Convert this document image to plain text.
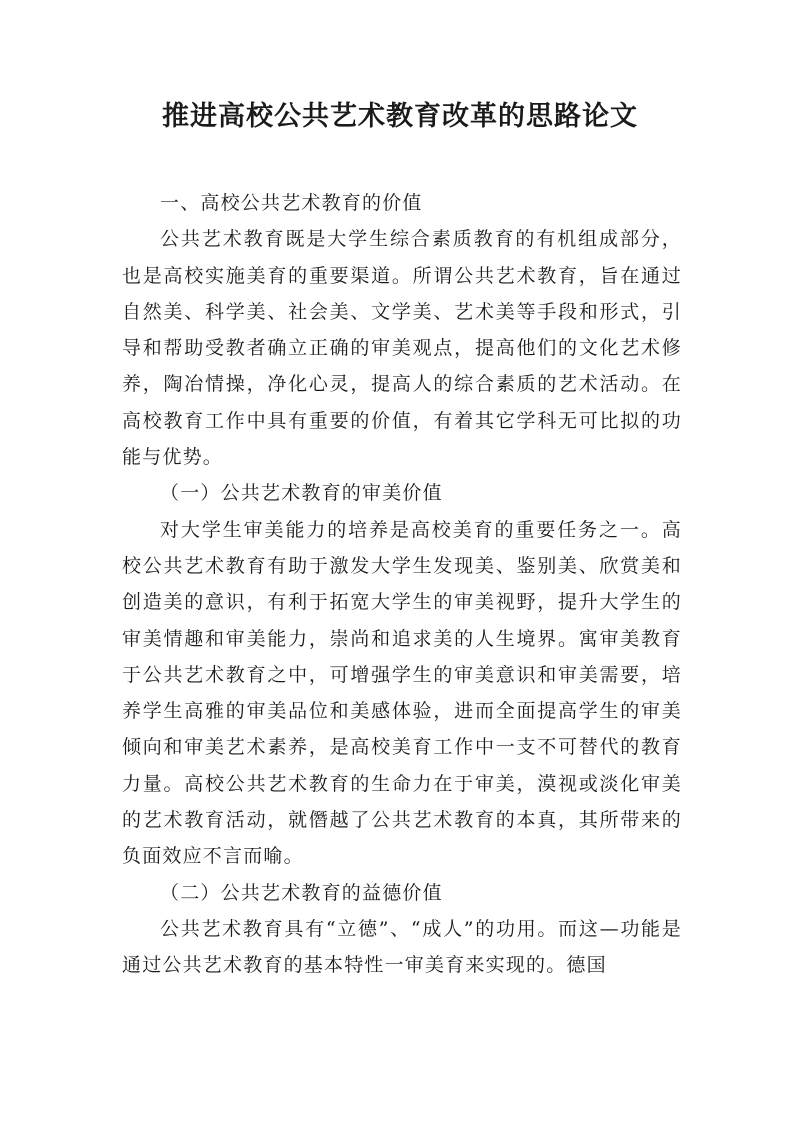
推进高校公共艺术教育改革的思路论文

一、高校公共艺术教育的价值

公共艺术教育既是大学生综合素质教育的有机组成部分，也是高校实施美育的重要渠道。所谓公共艺术教育，旨在通过自然美、科学美、社会美、文学美、艺术美等手段和形式，引导和帮助受教者确立正确的审美观点，提高他们的文化艺术修养，陶冶情操，净化心灵，提高人的综合素质的艺术活动。在高校教育工作中具有重要的价值，有着其它学科无可比拟的功能与优势。

（一）公共艺术教育的审美价值

对大学生审美能力的培养是高校美育的重要任务之一。高校公共艺术教育有助于激发大学生发现美、鉴别美、欣赏美和创造美的意识，有利于拓宽大学生的审美视野，提升大学生的审美情趣和审美能力，崇尚和追求美的人生境界。寓审美教育于公共艺术教育之中，可增强学生的审美意识和审美需要，培养学生高雅的审美品位和美感体验，进而全面提高学生的审美倾向和审美艺术素养，是高校美育工作中一支不可替代的教育力量。高校公共艺术教育的生命力在于审美，漠视或淡化审美的艺术教育活动，就僭越了公共艺术教育的本真，其所带来的负面效应不言而喻。

（二）公共艺术教育的益德价值

公共艺术教育具有“立德”、“成人”的功用。而这—功能是通过公共艺术教育的基本特性一审美育来实现的。德国
